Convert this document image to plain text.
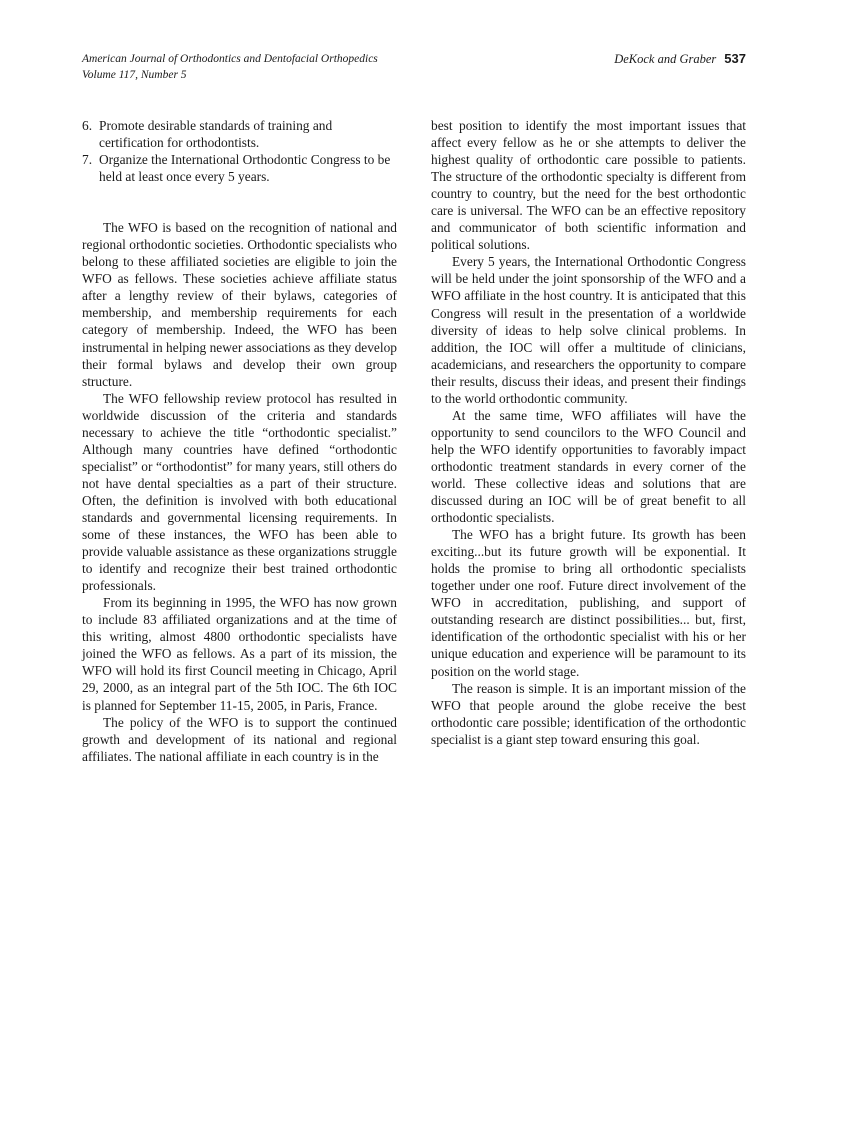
American Journal of Orthodontics and Dentofacial Orthopedics
Volume 117, Number 5
DeKock and Graber 537
6. Promote desirable standards of training and certification for orthodontists.
7. Organize the International Orthodontic Congress to be held at least once every 5 years.

The WFO is based on the recognition of national and regional orthodontic societies. Orthodontic specialists who belong to these affiliated societies are eligible to join the WFO as fellows. These societies achieve affiliate status after a lengthy review of their bylaws, categories of membership, and membership requirements for each category of membership. Indeed, the WFO has been instrumental in helping newer associations as they develop their formal bylaws and develop their own group structure.

The WFO fellowship review protocol has resulted in worldwide discussion of the criteria and standards necessary to achieve the title “orthodontic specialist.” Although many countries have defined “orthodontic specialist” or “orthodontist” for many years, still others do not have dental specialties as a part of their structure. Often, the definition is involved with both educational standards and governmental licensing requirements. In some of these instances, the WFO has been able to provide valuable assistance as these organizations struggle to identify and recognize their best trained orthodontic professionals.

From its beginning in 1995, the WFO has now grown to include 83 affiliated organizations and at the time of this writing, almost 4800 orthodontic specialists have joined the WFO as fellows. As a part of its mission, the WFO will hold its first Council meeting in Chicago, April 29, 2000, as an integral part of the 5th IOC. The 6th IOC is planned for September 11-15, 2005, in Paris, France.

The policy of the WFO is to support the continued growth and development of its national and regional affiliates. The national affiliate in each country is in the

best position to identify the most important issues that affect every fellow as he or she attempts to deliver the highest quality of orthodontic care possible to patients. The structure of the orthodontic specialty is different from country to country, but the need for the best orthodontic care is universal. The WFO can be an effective repository and communicator of both scientific information and political solutions.

Every 5 years, the International Orthodontic Congress will be held under the joint sponsorship of the WFO and a WFO affiliate in the host country. It is anticipated that this Congress will result in the presentation of a worldwide diversity of ideas to help solve clinical problems. In addition, the IOC will offer a multitude of clinicians, academicians, and researchers the opportunity to compare their results, discuss their ideas, and present their findings to the world orthodontic community.

At the same time, WFO affiliates will have the opportunity to send councilors to the WFO Council and help the WFO identify opportunities to favorably impact orthodontic treatment standards in every corner of the world. These collective ideas and solutions that are discussed during an IOC will be of great benefit to all orthodontic specialists.

The WFO has a bright future. Its growth has been exciting...but its future growth will be exponential. It holds the promise to bring all orthodontic specialists together under one roof. Future direct involvement of the WFO in accreditation, publishing, and support of outstanding research are distinct possibilities... but, first, identification of the orthodontic specialist with his or her unique education and experience will be paramount to its position on the world stage.

The reason is simple. It is an important mission of the WFO that people around the globe receive the best orthodontic care possible; identification of the orthodontic specialist is a giant step toward ensuring this goal.
